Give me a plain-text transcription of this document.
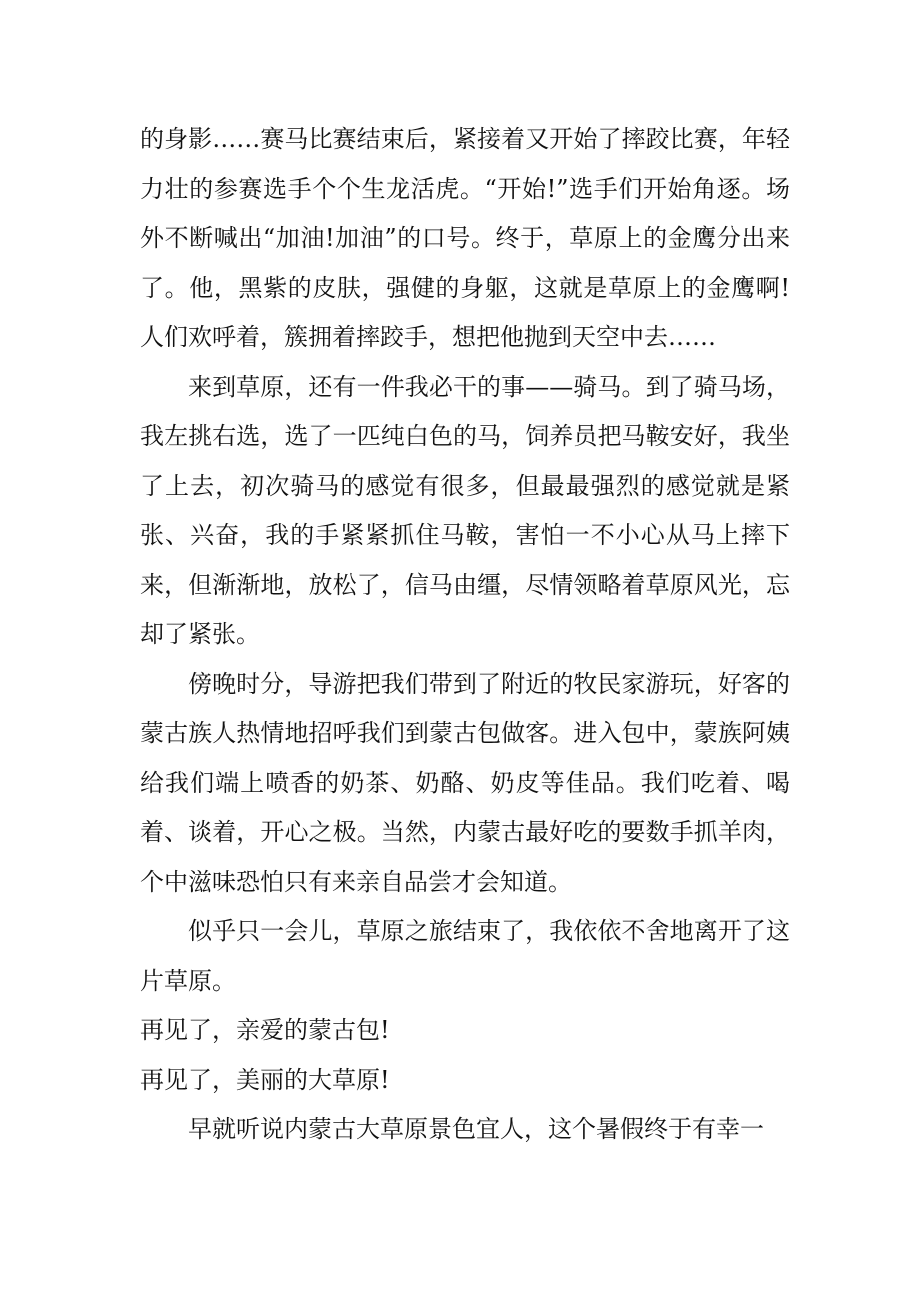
的身影……赛马比赛结束后，紧接着又开始了摔跤比赛，年轻力壮的参赛选手个个生龙活虎。“开始!”选手们开始角逐。场外不断喊出“加油!加油”的口号。终于，草原上的金鹰分出来了。他，黑紫的皮肤，强健的身躯，这就是草原上的金鹰啊!人们欢呼着，簇拥着摔跤手，想把他抛到天空中去……

来到草原，还有一件我必干的事——骑马。到了骑马场，我左挑右选，选了一匹纯白色的马，饲养员把马鞍安好，我坐了上去，初次骑马的感觉有很多，但最最强烈的感觉就是紧张、兴奋，我的手紧紧抓住马鞍，害怕一不小心从马上摔下来，但渐渐地，放松了，信马由缰，尽情领略着草原风光，忘却了紧张。

傍晚时分，导游把我们带到了附近的牧民家游玩，好客的蒙古族人热情地招呼我们到蒙古包做客。进入包中，蒙族阿姨给我们端上喷香的奶茶、奶酪、奶皮等佳品。我们吃着、喝着、谈着，开心之极。当然，内蒙古最好吃的要数手抓羊肉，个中滋味恐怕只有来亲自品尝才会知道。

似乎只一会儿，草原之旅结束了，我依依不舍地离开了这片草原。

再见了，亲爱的蒙古包!

再见了，美丽的大草原!

早就听说内蒙古大草原景色宜人，这个暑假终于有幸一
